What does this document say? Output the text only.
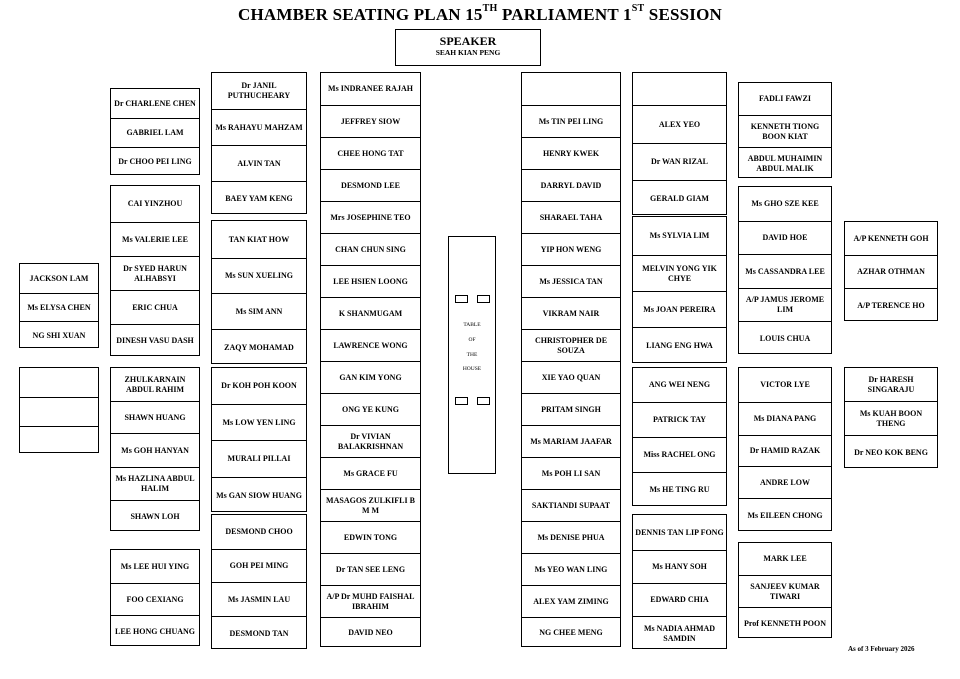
CHAMBER SEATING PLAN 15TH PARLIAMENT 1ST SESSION
SPEAKER
SEAH KIAN PENG
TABLE
OF
THE
HOUSE
As of 3 February 2026
JACKSON LAM
Ms ELYSA CHEN
NG SHI XUAN
Dr CHARLENE CHEN
GABRIEL LAM
Dr CHOO PEI LING
CAI YINZHOU
Ms VALERIE LEE
Dr SYED HARUN ALHABSYI
ERIC CHUA
DINESH VASU DASH
ZHULKARNAIN ABDUL RAHIM
SHAWN HUANG
Ms GOH HANYAN
Ms HAZLINA ABDUL HALIM
SHAWN LOH
Ms LEE HUI YING
FOO CEXIANG
LEE HONG CHUANG
Dr JANIL PUTHUCHEARY
Ms RAHAYU MAHZAM
ALVIN TAN
BAEY YAM KENG
TAN KIAT HOW
Ms SUN XUELING
Ms SIM ANN
ZAQY MOHAMAD
Dr KOH POH KOON
Ms LOW YEN LING
MURALI PILLAI
Ms GAN SIOW HUANG
DESMOND CHOO
GOH PEI MING
Ms JASMIN LAU
DESMOND TAN
Ms INDRANEE RAJAH
JEFFREY SIOW
CHEE HONG TAT
DESMOND LEE
Mrs JOSEPHINE TEO
CHAN CHUN SING
LEE HSIEN LOONG
K SHANMUGAM
LAWRENCE WONG
GAN KIM YONG
ONG YE KUNG
Dr VIVIAN BALAKRISHNAN
Ms GRACE FU
MASAGOS ZULKIFLI B M M
EDWIN TONG
Dr TAN SEE LENG
A/P Dr MUHD FAISHAL IBRAHIM
DAVID NEO
Ms TIN PEI LING
HENRY KWEK
DARRYL DAVID
SHARAEL TAHA
YIP HON WENG
Ms JESSICA TAN
VIKRAM NAIR
CHRISTOPHER DE SOUZA
XIE YAO QUAN
PRITAM SINGH
Ms MARIAM JAAFAR
Ms POH LI SAN
SAKTIANDI SUPAAT
Ms DENISE PHUA
Ms YEO WAN LING
ALEX YAM ZIMING
NG CHEE MENG
ALEX YEO
Dr WAN RIZAL
GERALD GIAM
Ms SYLVIA LIM
MELVIN YONG YIK CHYE
Ms JOAN PEREIRA
LIANG ENG HWA
ANG WEI NENG
PATRICK TAY
Miss RACHEL ONG
Ms HE TING RU
DENNIS TAN LIP FONG
Ms HANY SOH
EDWARD CHIA
Ms NADIA AHMAD SAMDIN
FADLI FAWZI
KENNETH TIONG BOON KIAT
ABDUL MUHAIMIN ABDUL MALIK
Ms GHO SZE KEE
DAVID HOE
Ms CASSANDRA LEE
A/P JAMUS JEROME LIM
LOUIS CHUA
VICTOR LYE
Ms DIANA PANG
Dr HAMID RAZAK
ANDRE LOW
Ms EILEEN CHONG
MARK LEE
SANJEEV KUMAR TIWARI
Prof KENNETH POON
A/P KENNETH GOH
AZHAR OTHMAN
A/P TERENCE HO
Dr HARESH SINGARAJU
Ms KUAH BOON THENG
Dr NEO KOK BENG
